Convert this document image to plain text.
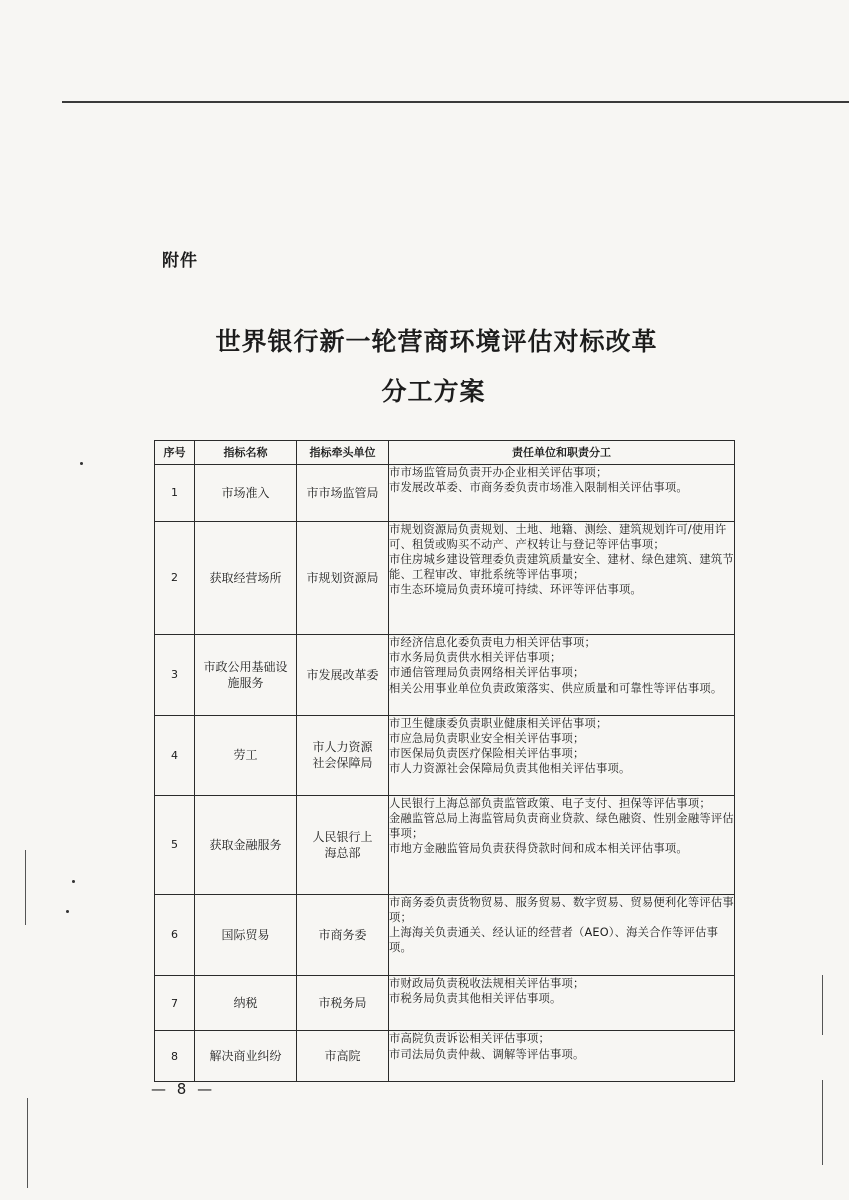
附件
世界银行新一轮营商环境评估对标改革
分工方案
序号	指标名称	指标牵头单位	责任单位和职责分工
1	市场准入	市市场监管局	市市场监管局负责开办企业相关评估事项；
市发展改革委、市商务委负责市场准入限制相关评估事项。

2	获取经营场所	市规划资源局	市规划资源局负责规划、土地、地籍、测绘、建筑规划许可/使用许可、租赁或购买不动产、产权转让与登记等评估事项；
市住房城乡建设管理委负责建筑质量安全、建材、绿色建筑、建筑节能、工程审改、审批系统等评估事项；
市生态环境局负责环境可持续、环评等评估事项。

3	市政公用基础设施服务	市发展改革委	市经济信息化委负责电力相关评估事项；
市水务局负责供水相关评估事项；
市通信管理局负责网络相关评估事项；
相关公用事业单位负责政策落实、供应质量和可靠性等评估事项。

4	劳工	市人力资源社会保障局	市卫生健康委负责职业健康相关评估事项；
市应急局负责职业安全相关评估事项；
市医保局负责医疗保险相关评估事项；
市人力资源社会保障局负责其他相关评估事项。

5	获取金融服务	人民银行上海总部	人民银行上海总部负责监管政策、电子支付、担保等评估事项；
金融监管总局上海监管局负责商业贷款、绿色融资、性别金融等评估事项；
市地方金融监管局负责获得贷款时间和成本相关评估事项。

6	国际贸易	市商务委	市商务委负责货物贸易、服务贸易、数字贸易、贸易便利化等评估事项；
上海海关负责通关、经认证的经营者（AEO）、海关合作等评估事项。

7	纳税	市税务局	市财政局负责税收法规相关评估事项；
市税务局负责其他相关评估事项。

8	解决商业纠纷	市高院	市高院负责诉讼相关评估事项；
市司法局负责仲裁、调解等评估事项。
— 8 —
